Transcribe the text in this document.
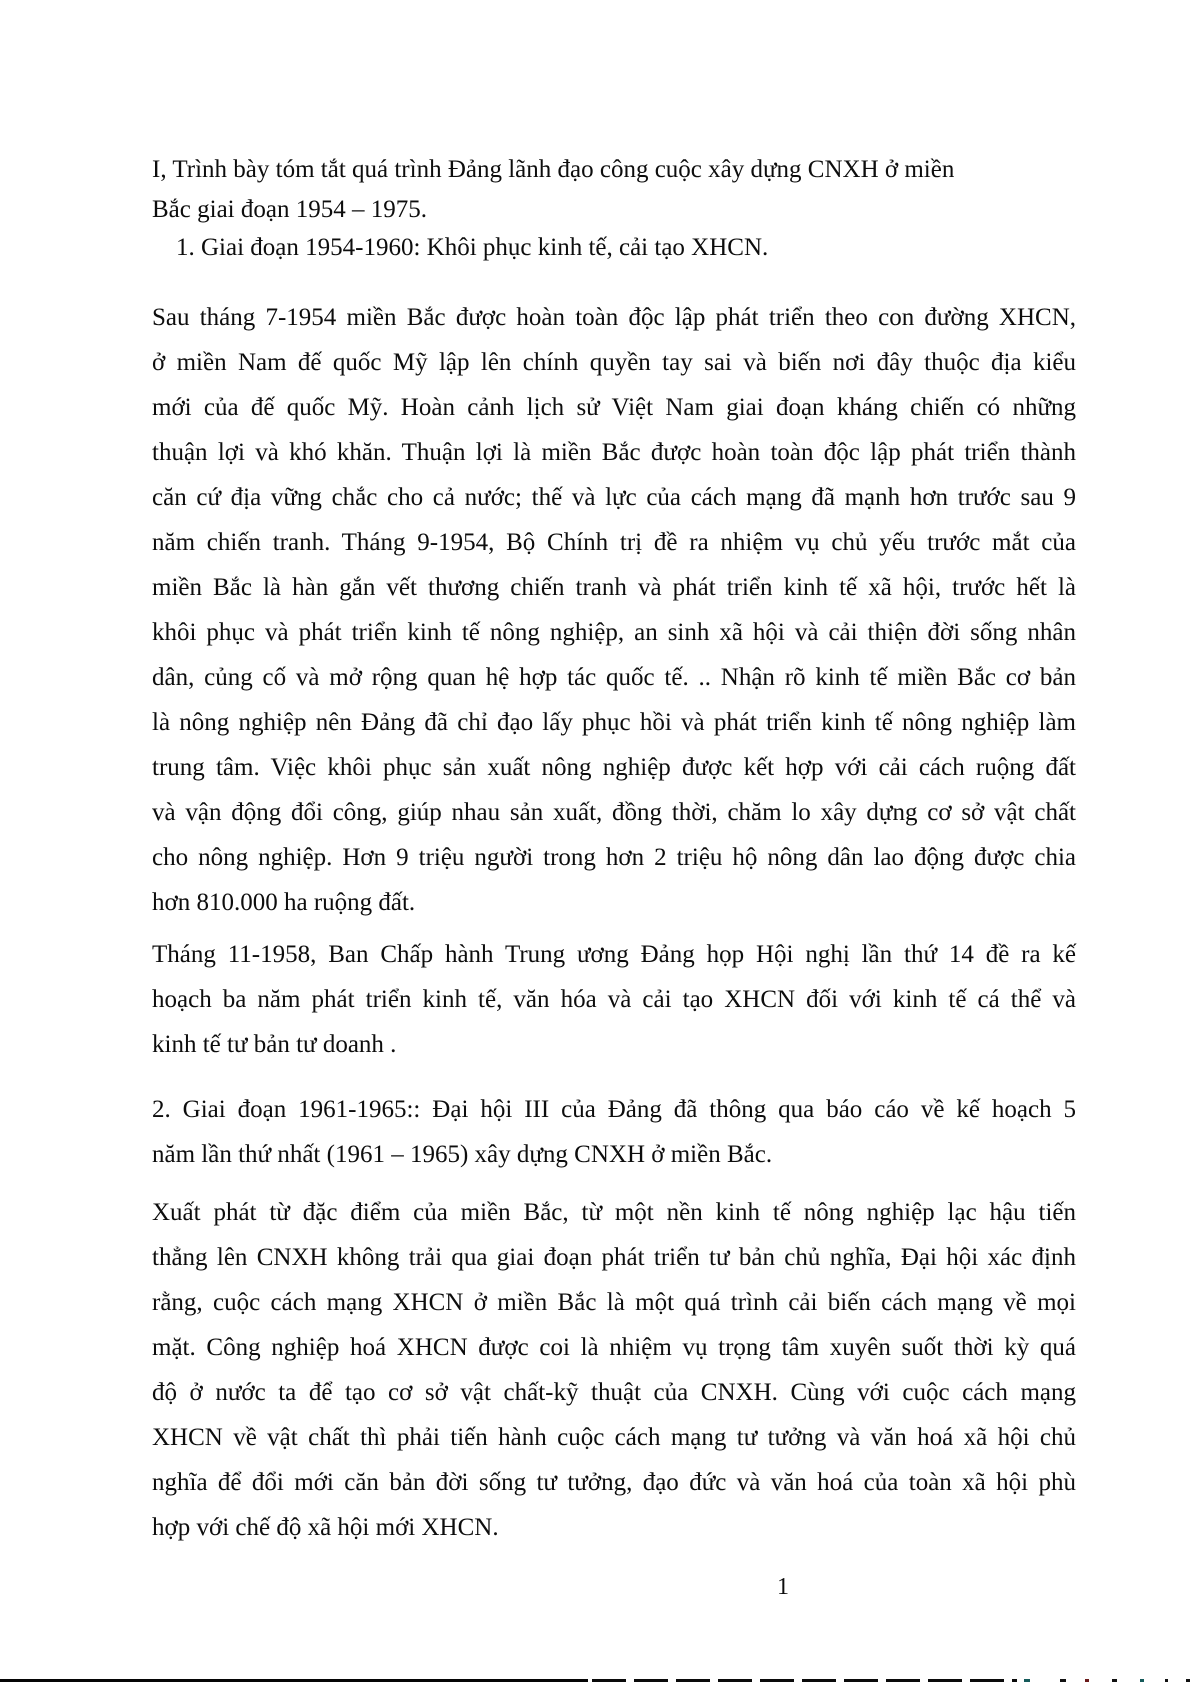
I, Trình bày tóm tắt quá trình Đảng lãnh đạo công cuộc xây dựng CNXH ở miền
Bắc giai đoạn 1954 – 1975.
1. Giai đoạn 1954-1960: Khôi phục kinh tế, cải tạo XHCN.
Sau tháng 7-1954 miền Bắc được hoàn toàn độc lập phát triển theo con đường XHCN,
ở miền Nam đế quốc Mỹ lập lên chính quyền tay sai và biến nơi đây thuộc địa kiểu
mới của đế quốc Mỹ. Hoàn cảnh lịch sử Việt Nam giai đoạn kháng chiến có những
thuận lợi và khó khăn. Thuận lợi là miền Bắc được hoàn toàn độc lập phát triển thành
căn cứ địa vững chắc cho cả nước; thế và lực của cách mạng đã mạnh hơn trước sau 9
năm chiến tranh. Tháng 9-1954, Bộ Chính trị đề ra nhiệm vụ chủ yếu trước mắt của
miền Bắc là hàn gắn vết thương chiến tranh và phát triển kinh tế xã hội, trước hết là
khôi phục và phát triển kinh tế nông nghiệp, an sinh xã hội và cải thiện đời sống nhân
dân, củng cố và mở rộng quan hệ hợp tác quốc tế. .. Nhận rõ kinh tế miền Bắc cơ bản
là nông nghiệp nên Đảng đã chỉ đạo lấy phục hồi và phát triển kinh tế nông nghiệp làm
trung tâm. Việc khôi phục sản xuất nông nghiệp được kết hợp với cải cách ruộng đất
và vận động đổi công, giúp nhau sản xuất, đồng thời, chăm lo xây dựng cơ sở vật chất
cho nông nghiệp. Hơn 9 triệu người trong hơn 2 triệu hộ nông dân lao động được chia
hơn 810.000 ha ruộng đất.
Tháng 11-1958, Ban Chấp hành Trung ương Đảng họp Hội nghị lần thứ 14 đề ra kế
hoạch ba năm phát triển kinh tế, văn hóa và cải tạo XHCN đối với kinh tế cá thể và
kinh tế tư bản tư doanh .
2. Giai đoạn 1961-1965:: Đại hội III của Đảng đã thông qua báo cáo về kế hoạch 5
năm lần thứ nhất (1961 – 1965) xây dựng CNXH ở miền Bắc.
Xuất phát từ đặc điểm của miền Bắc, từ một nền kinh tế nông nghiệp lạc hậu tiến
thẳng lên CNXH không trải qua giai đoạn phát triển tư bản chủ nghĩa, Đại hội xác định
rằng, cuộc cách mạng XHCN ở miền Bắc là một quá trình cải biến cách mạng về mọi
mặt. Công nghiệp hoá XHCN được coi là nhiệm vụ trọng tâm xuyên suốt thời kỳ quá
độ ở nước ta để tạo cơ sở vật chất-kỹ thuật của CNXH. Cùng với cuộc cách mạng
XHCN về vật chất thì phải tiến hành cuộc cách mạng tư tưởng và văn hoá xã hội chủ
nghĩa để đổi mới căn bản đời sống tư tưởng, đạo đức và văn hoá của toàn xã hội phù
hợp với chế độ xã hội mới XHCN.
1
